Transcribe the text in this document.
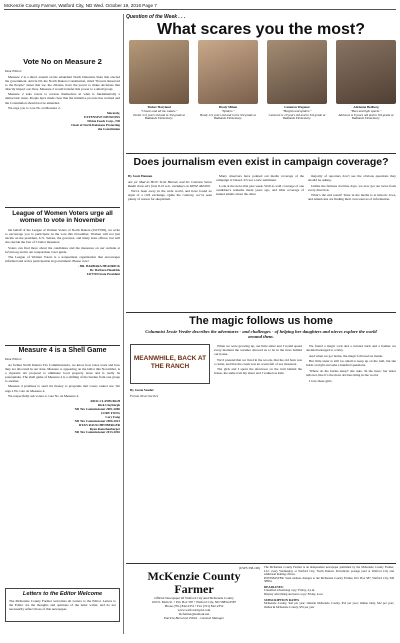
McKenzie County Farmer, Watford City, ND Wed. October 19, 2016 Page 7
Vote No on Measure 2

Dear Editor:

Measure 2 is a direct assault on the Abundant North Dakotans State that elected the government. Article III, the North Dakota Constitution, titled "Powers Reserved to the People" states that we, the citizens, have the power to make decisions that directly impact our lives. Measure 2 would transfer this power to a small group.

Measure 2 asks voters to reverse themselves in what is fundamentally a democratic issue. People have made clear that the initiative process has worked and the Constitution should not be amended.

We urge you to vote No on Measure 2.

Sincerely,
EXTENSIVE DIVISIONS
Divine Foods Corp., ND
Chair of North Dakotans Protecting
the Constitution
League of Women Voters urge all women to vote in November

On behalf of the League of Women Voters of North Dakota (LWVND), we write to encourage you to participate in the vote this November. Women will not just decide on the president, U.S. Senate, the governor, and many state offices, but will also decide the fate of 5 ballot measures.

Voters can find more about the candidates and the measures on our website at lwvnd.org and in our nonpartisan voter guide.

The League of Women Voters is a nonpartisan organization that encourages informed and active participation in government. Please vote!

- DR. BARBARA HEADRICK
Dr. Barbara Headrick
LWVND State President
Measure 4 is a Shell Game

Dear Editor:

As former North Dakota Tax Commissioners, we know how taxes work and how they are allocated in our state. Measure 4, appearing on the ballot this November, is a cigarette tax proposal to eliminate local property taxes and is really its prerequisite. The shell game of Measure 4 is a shifting of the burden from one group to another.

Measure 4 promises to send tax money to programs that voters cannot see. We urge a No vote on Measure 4.

We respectfully ask voters to vote No on Measure 4.

RICK CLAYBURGH
Rick Clayburgh
ND Tax Commissioner 2001-2006
CORY FONG
Cory Fong
ND Tax Commissioner 2006-2013
RYAN RAUSCHENBERGER
Ryan Rauschenberger
ND Tax Commissioner 2013-2016
Letters to the Editor Welcome
The McKenzie County Farmer welcomes all Letters to the Editor. Letters to the Editor are the thoughts and opinions of the letter writer, and do not necessarily reflect those of this newspaper.
Question of the Week . . .
What scares you the most?
Tucker Haryland
"Clowns and all the snakes."
Tucker is 9 years old and in 3rd grade at Badlands Elementary.
Brody Milam
"Spiders."
Brody is 9 years old and in the 3rd grade at Badlands Elementary.
Cameron Wagoner
"Heights and spiders."
Cameron is 10 years old and in 3rd grade at Badlands Elementary.
Adrienne Hedberg
"Bees and light sparks."
Adrienne is 8 years old and in 3rd grade at Badlands Elementary.
Does journalism even exist in campaign coverage?

By Scott Hennen

Are ya' Mad as Hell? Scott Hennen and his Common Sense Radio show airs from 8-10 a.m. weekdays on KEYZ AM 660.

We've been away in the wide world, and have found no signs of a civil exchange. Quite the contrary, we’ve seen plenty of reason for skepticism.

Many observers have pointed out media coverage of the campaign is biased. It’s not a new sentiment.

Look at the news this past week. Wall-to-wall coverage of one candidate’s remarks made years ago, and little coverage of leaked emails about the other.

majority of reporters don’t see the obvious questions they should be asking.

Unlike the fairness doctrine days, we now get our news from every direction.

What’s the end result? Trust in the media is at historic lows, and Americans are finding their own sources of information.

The magic follows us home
Columnist Jessie Veeder describes the adventures - and challenges - of helping her daughters and nieces explore the world around them.
MEANWHILE, BACK AT THE RANCH

By Jessie Veeder

Forum News Service

When we were growing up, our little sister and I would spend every moment the weather allowed us to be in the trees behind our house.

We’d pretend that we lived in the woods, that the old barn was a castle, and that the creek was an ocean full of sea monsters.

The girls and I spent the afternoon on the trail behind the house, the same trail my sister and I walked as kids.

We found a magic rock and a twisted stick and a feather we decided belonged to a fairy.

And when we got home, the magic followed us inside.

Her little sister is still too small to keep up on the trail, but she holds on tight and asks a hundred questions.

'Where do the fairies sleep?' she asks. 'In the trees,' her sister tells her, like it’s the most obvious thing in the world.

I love these girls.

(USPS 338-100)
McKenzie County Farmer
Official Newspaper Of Watford City And McKenzie County
109 N. Main St. • P.O. Box 587 • Watford City, ND 58854-0587
Phone (701) 842-2351 • Fax (701) 842-2352
www.watfordcitynd.com
mcfarmer@nemont.net
Patricia Burwood, Editor - General Manager
The McKenzie County Farmer is an independent newspaper published by the McKenzie County Farmer, LLC every Wednesday at Watford City, North Dakota. Periodicals postage paid at Watford City and additional mailing offices.
POSTMASTER: Send address changes to the McKenzie County Farmer, P.O. Box 587, Watford City, ND 58854.
DEADLINES:
Classified advertising copy: Friday, 4 p.m.
Display advertising and news copy: Friday, noon
SUBSCRIPTION RATES
McKenzie County, $42 per year; Outside McKenzie County, $52 per year; Online Only, $42 per year; Online & McKenzie County, $55 per year
